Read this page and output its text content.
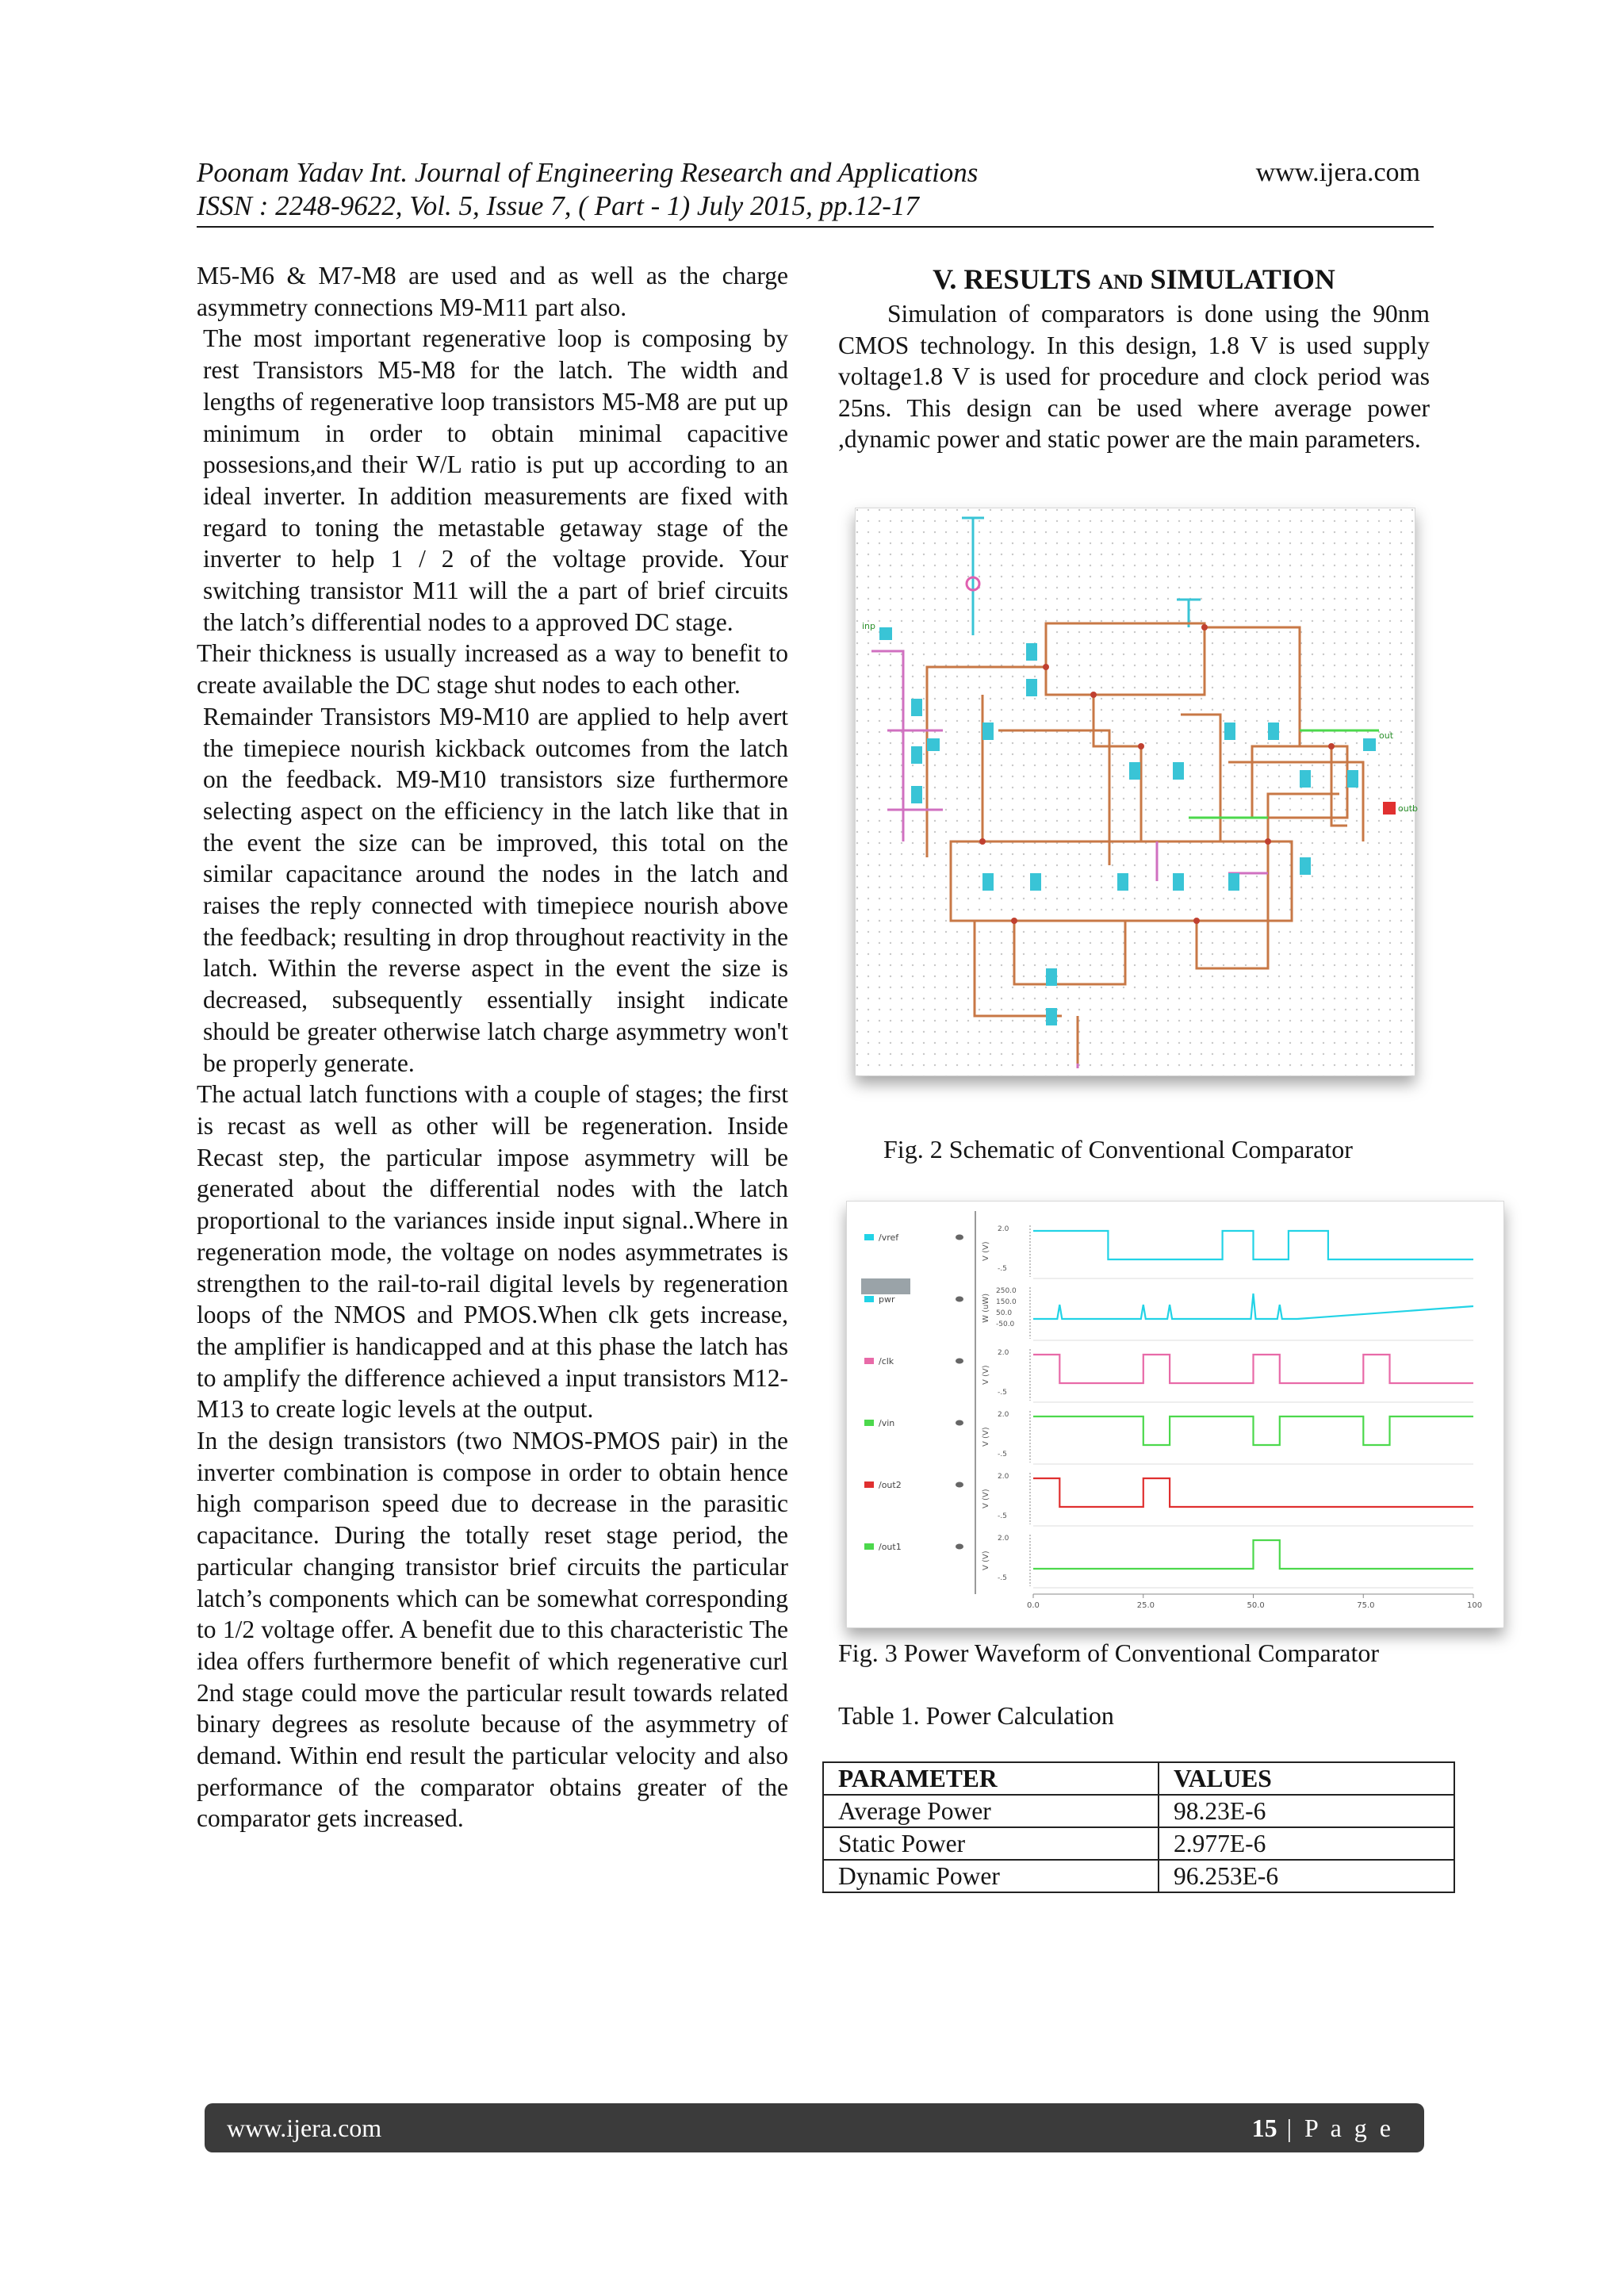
Poonam Yadav Int. Journal of Engineering Research and Applications
ISSN : 2248-9622, Vol. 5, Issue 7, ( Part - 1) July 2015, pp.12-17
www.ijera.com

M5-M6 & M7-M8 are used and as well as the charge asymmetry connections M9-M11 part also.

The most important regenerative loop is composing by rest Transistors M5-M8 for the latch. The width and lengths of regenerative loop transistors M5-M8 are put up minimum in order to obtain minimal capacitive possesions,and their W/L ratio is put up according to an ideal inverter. In addition measurements are fixed with regard to toning the metastable getaway stage of the inverter to help 1 / 2 of the voltage provide. Your switching transistor M11 will the a part of brief circuits the latch’s differential nodes to a approved DC stage.

Their thickness is usually increased as a way to benefit to create available the DC stage shut nodes to each other.

Remainder Transistors M9-M10 are applied to help avert the timepiece nourish kickback outcomes from the latch on the feedback. M9-M10 transistors size furthermore selecting aspect on the efficiency in the latch like that in the event the size can be improved, this total on the similar capacitance around the nodes in the latch and raises the reply connected with timepiece nourish above the feedback; resulting in drop throughout reactivity in the latch. Within the reverse aspect in the event the size is decreased, subsequently essentially insight indicate should be greater otherwise latch charge asymmetry won't be properly generate.

The actual latch functions with a couple of stages; the first is recast as well as other will be regeneration. Inside Recast step, the particular impose asymmetry will be generated about the differential nodes with the latch proportional to the variances inside input signal..Where in regeneration mode, the voltage on nodes asymmetrates is strengthen to the rail-to-rail digital levels by regeneration loops of the NMOS and PMOS.When clk gets increase, the amplifier is handicapped and at this phase the latch has to amplify the difference achieved a input transistors M12-M13 to create logic levels at the output.

In the design transistors (two NMOS-PMOS pair) in the inverter combination is compose in order to obtain hence high comparison speed due to decrease in the parasitic capacitance. During the totally reset stage period, the particular changing transistor brief circuits the particular latch’s components which can be somewhat corresponding to 1/2 voltage offer. A benefit due to this characteristic The idea offers furthermore benefit of which regenerative curl 2nd stage could move the particular result towards related binary degrees as resolute because of the asymmetry of demand. Within end result the particular velocity and also performance of the comparator obtains greater of the comparator gets increased.

V. RESULTS AND SIMULATION

Simulation of comparators is done using the 90nm CMOS technology. In this design, 1.8 V is used supply voltage1.8 V is used for procedure and clock period was 25ns. This design can be used where average power ,dynamic power and static power are the main parameters.

out
outb
inp
/vref
V (V)
2.0
-.5
pwr	W (uW)
250.0
150.0
50.0
-50.0
/clk
V (V)
2.0
-.5
/vin
V (V)
2.0
-.5
/out2
V (V)
2.0
-.5
/out1
V (V)
2.0
-.5
0.0	25.0	50.0	75.0	100
Fig. 2 Schematic of Conventional Comparator
Fig. 3 Power Waveform of Conventional Comparator
Table 1. Power Calculation
PARAMETER	VALUES
Average Power	98.23E-6
Static Power	2.977E-6
Dynamic Power	96.253E-6
www.ijera.com	15 | P a g e
